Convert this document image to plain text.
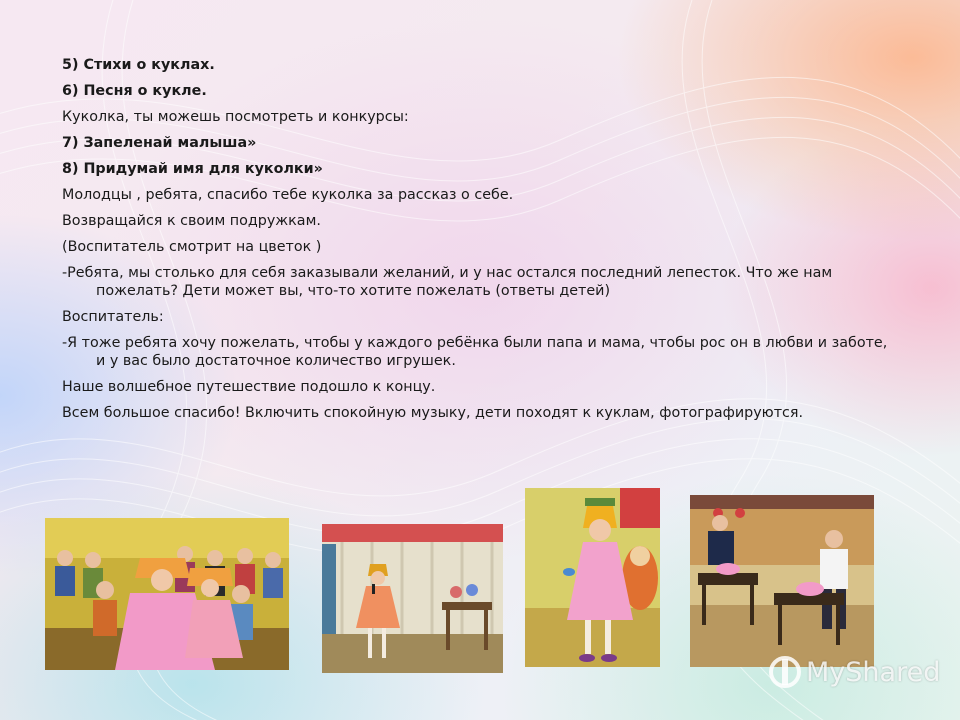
5) Стихи о куклах.

6) Песня о кукле.

Куколка, ты можешь посмотреть и конкурсы:

7) Запеленай малыша»

8) Придумай имя для куколки»

Молодцы , ребята, спасибо тебе куколка за рассказ о себе.

Возвращайся к своим подружкам.

(Воспитатель смотрит на цветок )

-Ребята, мы столько для себя заказывали желаний, и у нас остался последний лепесток. Что же нам пожелать? Дети может вы, что-то хотите пожелать (ответы детей)

Воспитатель:

-Я тоже ребята хочу пожелать, чтобы у каждого ребёнка были папа и мама, чтобы рос он в любви и заботе, и у вас было достаточное количество игрушек.

Наше волшебное путешествие подошло к концу.

Всем большое спасибо! Включить спокойную музыку, дети походят к куклам, фотографируются.

MyShared
